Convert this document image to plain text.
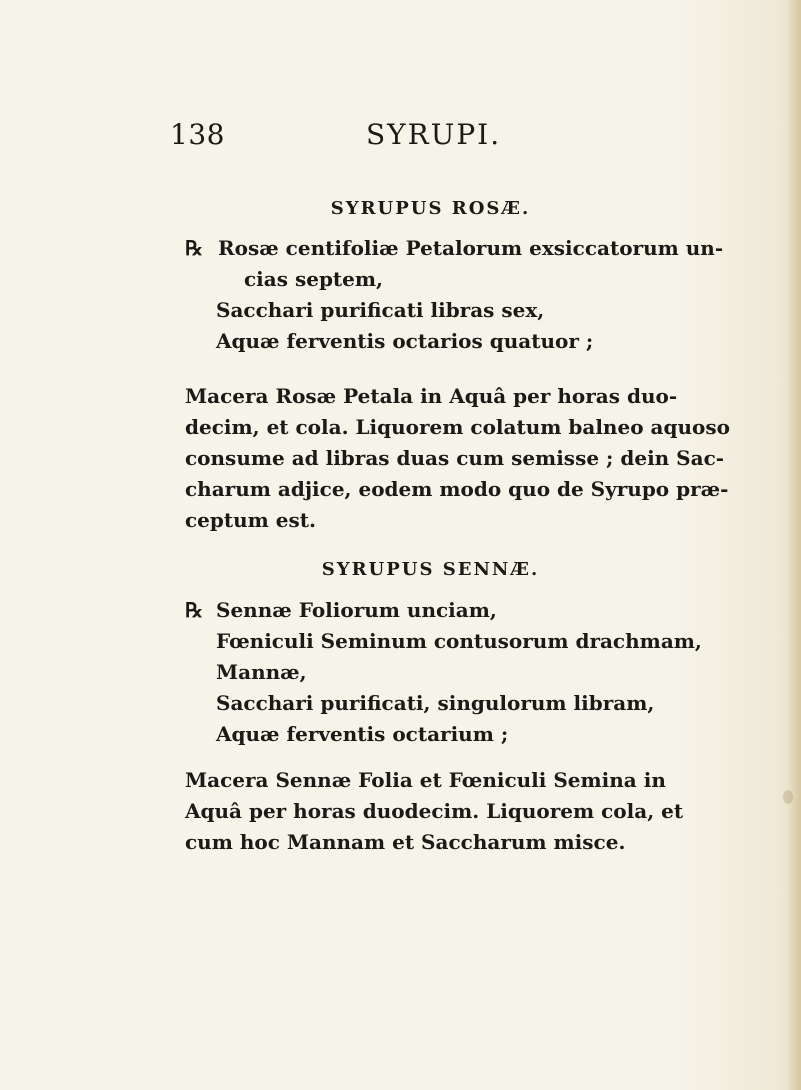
138	SYRUPI.
SYRUPUS ROSÆ.
℞ Rosæ centifoliæ Petalorum exsiccatorum un-

cias septem,

Sacchari purificati libras sex,

Aquæ ferventis octarios quatuor ;

Macera Rosæ Petala in Aquâ per horas duo-

decim, et cola. Liquorem colatum balneo aquoso

consume ad libras duas cum semisse ; dein Sac-

charum adjice, eodem modo quo de Syrupo præ-

ceptum est.

SYRUPUS SENNÆ.
℞ Sennæ Foliorum unciam,

Fœniculi Seminum contusorum drachmam,

Mannæ,

Sacchari purificati, singulorum libram,

Aquæ ferventis octarium ;

Macera Sennæ Folia et Fœniculi Semina in

Aquâ per horas duodecim. Liquorem cola, et

cum hoc Mannam et Saccharum misce.
